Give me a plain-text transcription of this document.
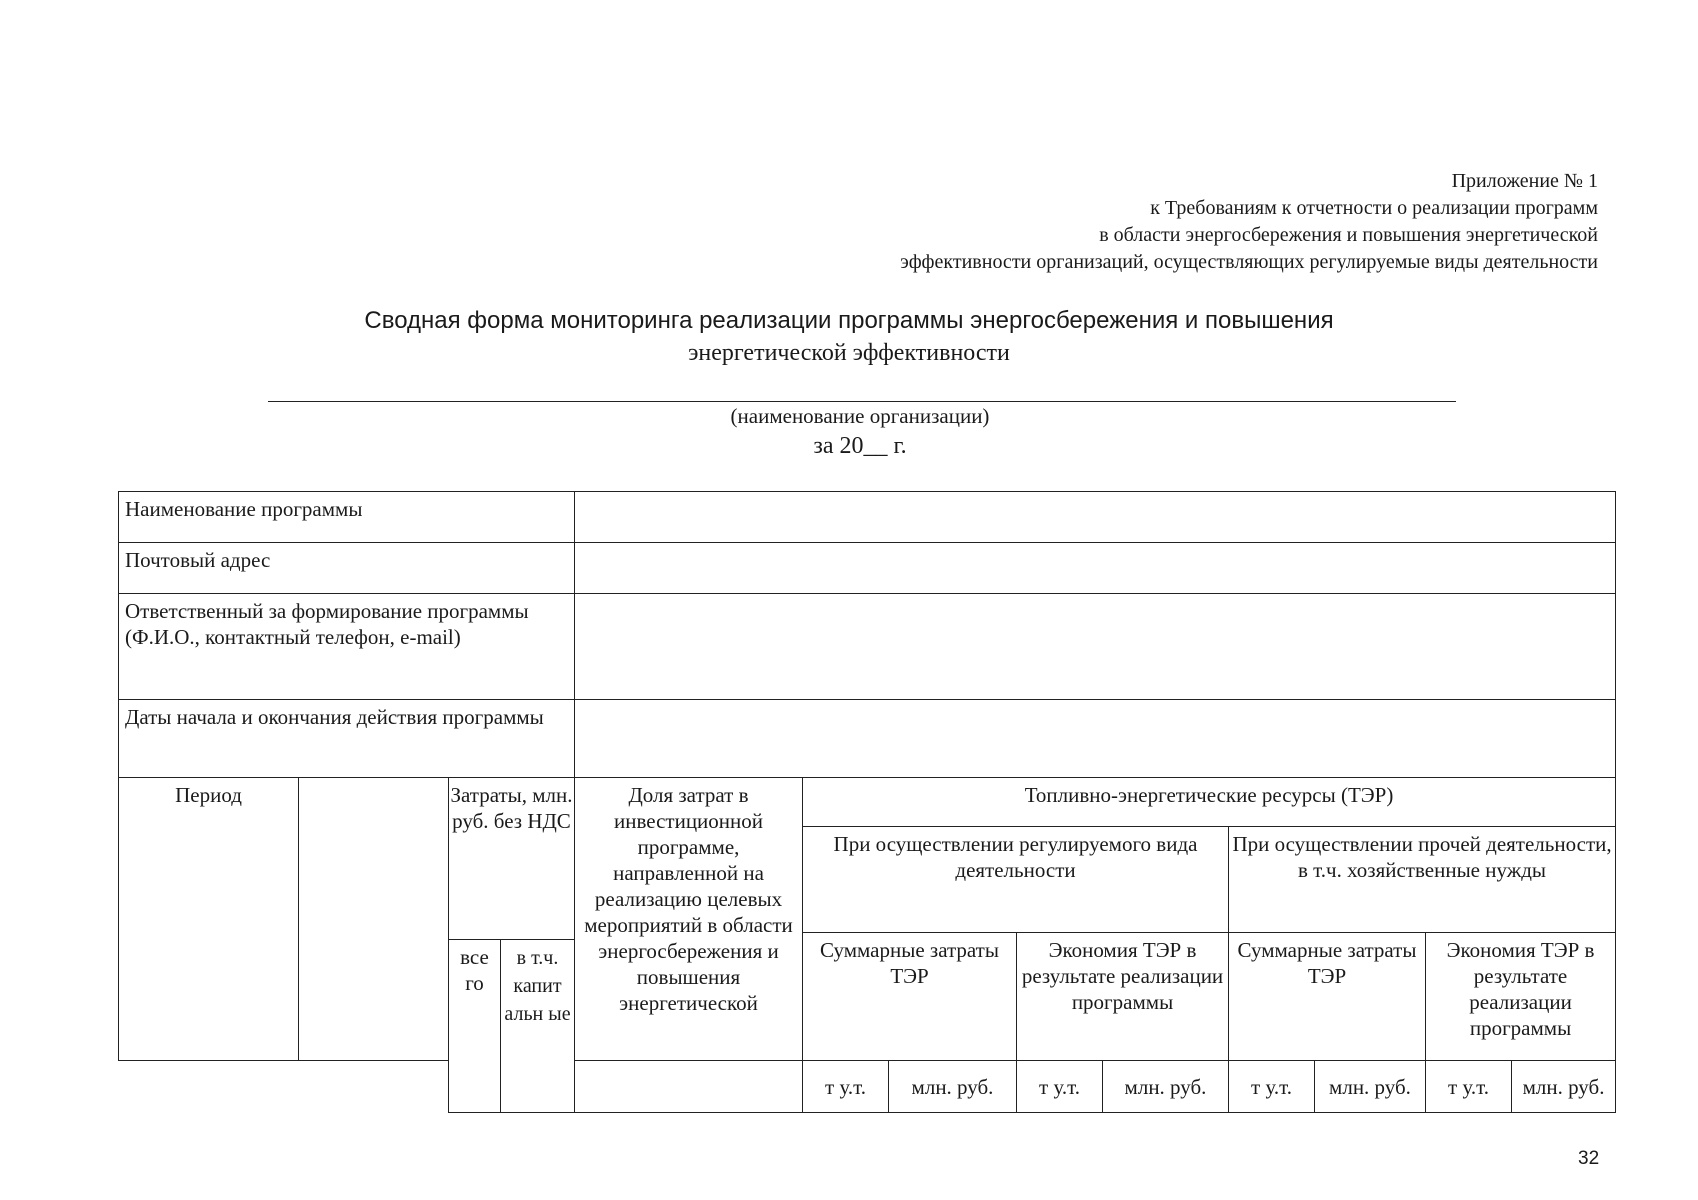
Приложение № 1
к Требованиям к отчетности о реализации программ
в области энергосбережения и повышения энергетической
эффективности организаций, осуществляющих регулируемые виды деятельности
Сводная форма мониторинга реализации программы энергосбережения и повышения
энергетической эффективности
(наименование организации)
за 20__ г.
Наименование программы	
Почтовый адрес	
Ответственный за формирование программы (Ф.И.О., контактный телефон, e-mail)	
Даты начала и окончания действия программы	
Период		Затраты, млн. руб. без НДС		Доля затрат в инвестиционной программе, направленной на реализацию целевых мероприятий в области энергосбережения и повышения энергетической	Топливно-энергетические ресурсы (ТЭР)							
					При осуществлении регулируемого вида деятельности				При осуществлении прочей деятельности, в т.ч. хозяйственные нужды			
					Суммарные затраты ТЭР		Экономия ТЭР в результате реализации программы		Суммарные затраты ТЭР		Экономия ТЭР в результате реализации программы	
		все го	в т.ч. капит альн ые									
					т у.т.	млн. руб.	т у.т.	млн. руб.	т у.т.	млн. руб.	т у.т.	млн. руб.
32
